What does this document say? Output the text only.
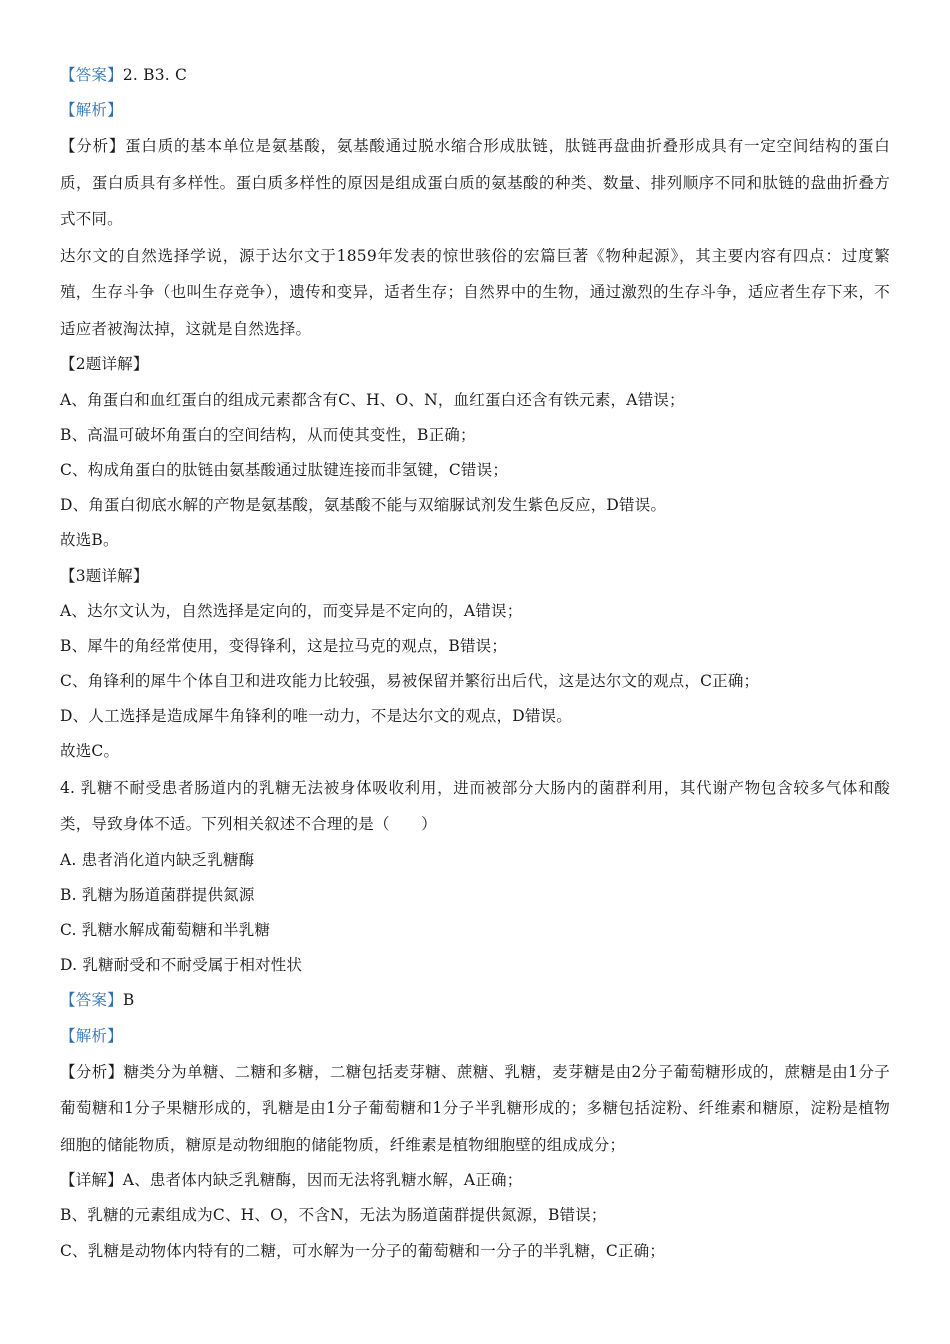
【答案】2. B3. C
【解析】
【分析】蛋白质的基本单位是氨基酸，氨基酸通过脱水缩合形成肽链，肽链再盘曲折叠形成具有一定空间结构的蛋白质，蛋白质具有多样性。蛋白质多样性的原因是组成蛋白质的氨基酸的种类、数量、排列顺序不同和肽链的盘曲折叠方式不同。
达尔文的自然选择学说，源于达尔文于1859年发表的惊世骇俗的宏篇巨著《物种起源》，其主要内容有四点：过度繁殖，生存斗争（也叫生存竞争），遗传和变异，适者生存；自然界中的生物，通过激烈的生存斗争，适应者生存下来，不适应者被淘汰掉，这就是自然选择。
【2题详解】
A、角蛋白和血红蛋白的组成元素都含有C、H、O、N，血红蛋白还含有铁元素，A错误；
B、高温可破坏角蛋白的空间结构，从而使其变性，B正确；
C、构成角蛋白的肽链由氨基酸通过肽键连接而非氢键，C错误；
D、角蛋白彻底水解的产物是氨基酸，氨基酸不能与双缩脲试剂发生紫色反应，D错误。
故选B。
【3题详解】
A、达尔文认为，自然选择是定向的，而变异是不定向的，A错误；
B、犀牛的角经常使用，变得锋利，这是拉马克的观点，B错误；
C、角锋利的犀牛个体自卫和进攻能力比较强，易被保留并繁衍出后代，这是达尔文的观点，C正确；
D、人工选择是造成犀牛角锋利的唯一动力，不是达尔文的观点，D错误。
故选C。
4. 乳糖不耐受患者肠道内的乳糖无法被身体吸收利用，进而被部分大肠内的菌群利用，其代谢产物包含较多气体和酸类，导致身体不适。下列相关叙述不合理的是（　　）
A. 患者消化道内缺乏乳糖酶
B. 乳糖为肠道菌群提供氮源
C. 乳糖水解成葡萄糖和半乳糖
D. 乳糖耐受和不耐受属于相对性状
【答案】B
【解析】
【分析】糖类分为单糖、二糖和多糖，二糖包括麦芽糖、蔗糖、乳糖，麦芽糖是由2分子葡萄糖形成的，蔗糖是由1分子葡萄糖和1分子果糖形成的，乳糖是由1分子葡萄糖和1分子半乳糖形成的；多糖包括淀粉、纤维素和糖原，淀粉是植物细胞的储能物质，糖原是动物细胞的储能物质，纤维素是植物细胞壁的组成成分；
【详解】A、患者体内缺乏乳糖酶，因而无法将乳糖水解，A正确；
B、乳糖的元素组成为C、H、O，不含N，无法为肠道菌群提供氮源，B错误；
C、乳糖是动物体内特有的二糖，可水解为一分子的葡萄糖和一分子的半乳糖，C正确；
